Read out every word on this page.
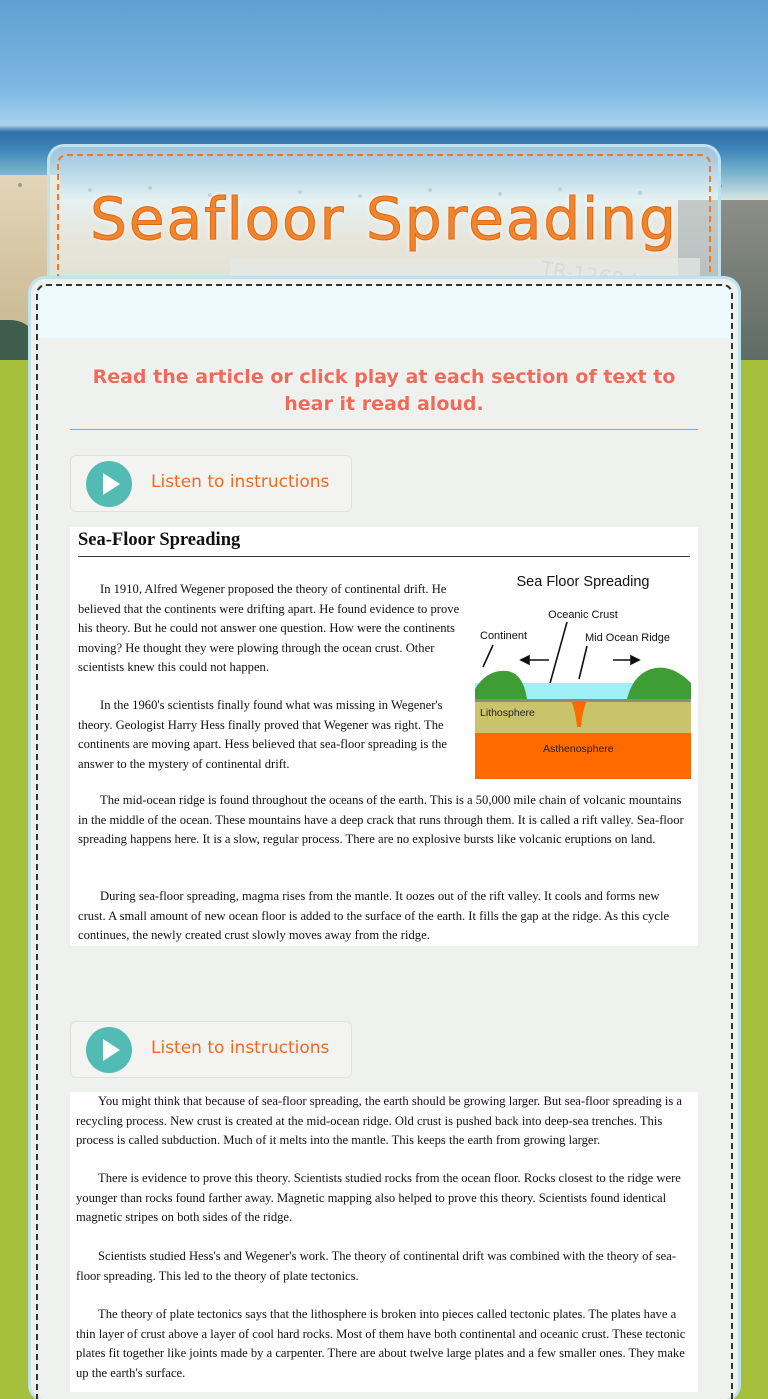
Seafloor Spreading

Read the article or click play at each section of text to hear it read aloud.

Listen to instructions
Sea-Floor Spreading

In 1910, Alfred Wegener proposed the theory of continental drift. He believed that the continents were drifting apart. He found evidence to prove his theory. But he could not answer one question. How were the continents moving? He thought they were plowing through the ocean crust. Other scientists knew this could not happen.

In the 1960's scientists finally found what was missing in Wegener's theory. Geologist Harry Hess finally proved that Wegener was right. The continents are moving apart. Hess believed that sea-floor spreading is the answer to the mystery of continental drift.

The mid-ocean ridge is found throughout the oceans of the earth. This is a 50,000 mile chain of volcanic mountains in the middle of the ocean. These mountains have a deep crack that runs through them. It is called a rift valley. Sea-floor spreading happens here. It is a slow, regular process. There are no explosive bursts like volcanic eruptions on land.

During sea-floor spreading, magma rises from the mantle. It oozes out of the rift valley. It cools and forms new crust. A small amount of new ocean floor is added to the surface of the earth. It fills the gap at the ridge. As this cycle continues, the newly created crust slowly moves away from the ridge.

Sea Floor Spreading
Oceanic Crust
Continent	Mid Ocean Ridge
Lithosphere
Asthenosphere
Listen to instructions

You might think that because of sea-floor spreading, the earth should be growing larger. But sea-floor spreading is a recycling process. New crust is created at the mid-ocean ridge. Old crust is pushed back into deep-sea trenches. This process is called subduction. Much of it melts into the mantle. This keeps the earth from growing larger.

There is evidence to prove this theory. Scientists studied rocks from the ocean floor. Rocks closest to the ridge were younger than rocks found farther away. Magnetic mapping also helped to prove this theory. Scientists found identical magnetic stripes on both sides of the ridge.

Scientists studied Hess's and Wegener's work. The theory of continental drift was combined with the theory of sea-floor spreading. This led to the theory of plate tectonics.

The theory of plate tectonics says that the lithosphere is broken into pieces called tectonic plates. The plates have a thin layer of crust above a layer of cool hard rocks. Most of them have both continental and oceanic crust. These tectonic plates fit together like joints made by a carpenter. There are about twelve large plates and a few smaller ones. They make up the earth's surface.
